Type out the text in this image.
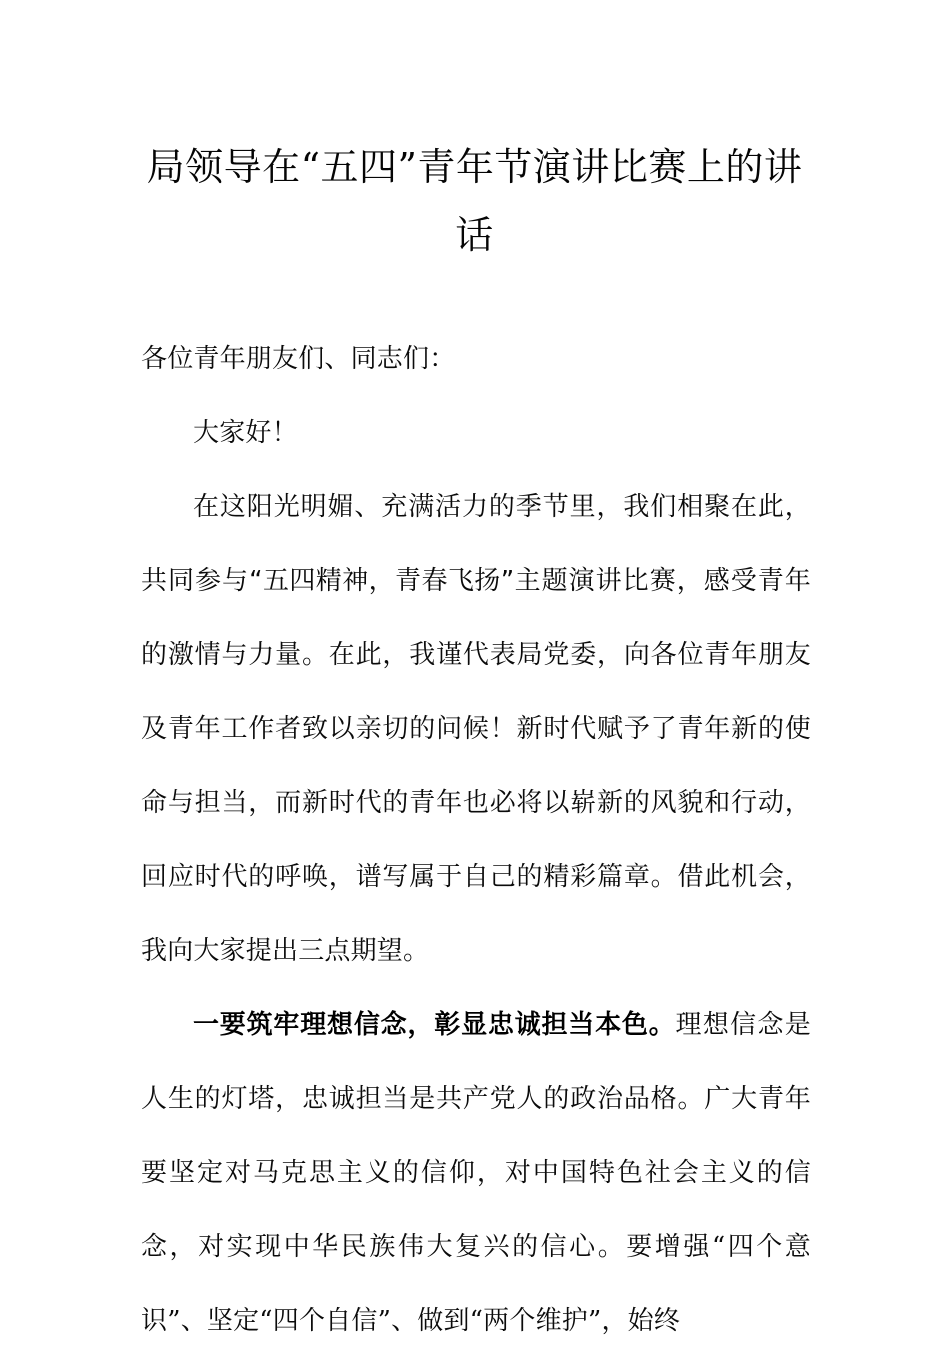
局领导在“五四”青年节演讲比赛上的讲话

各位青年朋友们、同志们：

大家好！

在这阳光明媚、充满活力的季节里，我们相聚在此，共同参与“五四精神，青春飞扬”主题演讲比赛，感受青年的激情与力量。在此，我谨代表局党委，向各位青年朋友及青年工作者致以亲切的问候！新时代赋予了青年新的使命与担当，而新时代的青年也必将以崭新的风貌和行动，回应时代的呼唤，谱写属于自己的精彩篇章。借此机会，我向大家提出三点期望。

一要筑牢理想信念，彰显忠诚担当本色。理想信念是人生的灯塔，忠诚担当是共产党人的政治品格。广大青年要坚定对马克思主义的信仰，对中国特色社会主义的信念，对实现中华民族伟大复兴的信心。要增强“四个意识”、坚定“四个自信”、做到“两个维护”，始终
